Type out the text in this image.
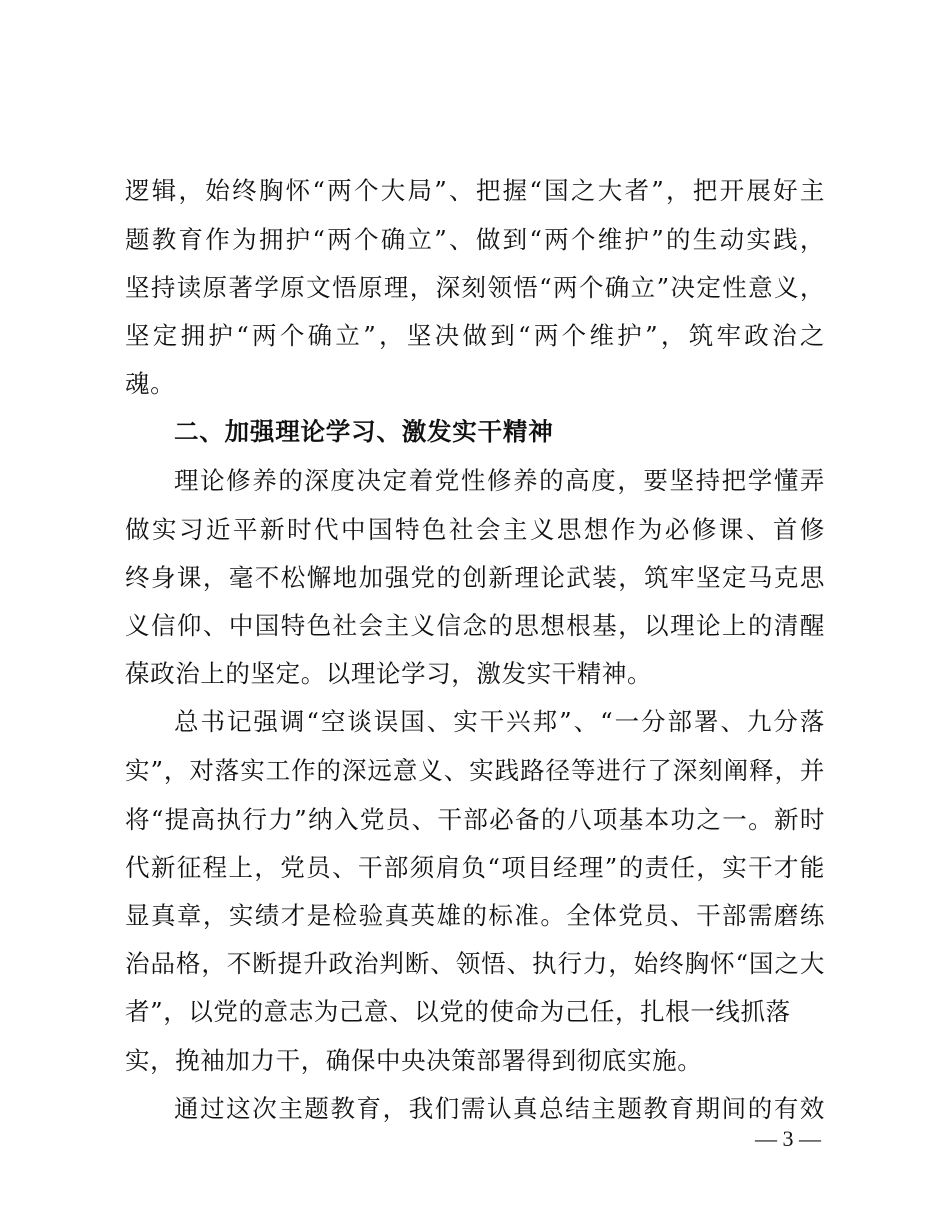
逻辑，始终胸怀“两个大局”、把握“国之大者”，把开展好主
题教育作为拥护“两个确立”、做到“两个维护”的生动实践，
坚持读原著学原文悟原理，深刻领悟“两个确立”决定性意义，
坚定拥护“两个确立”，坚决做到“两个维护”，筑牢政治之
魂。
二、加强理论学习、激发实干精神
理论修养的深度决定着党性修养的高度，要坚持把学懂弄
做实习近平新时代中国特色社会主义思想作为必修课、首修
终身课，毫不松懈地加强党的创新理论武装，筑牢坚定马克思
义信仰、中国特色社会主义信念的思想根基，以理论上的清醒
葆政治上的坚定。以理论学习，激发实干精神。
总书记强调“空谈误国、实干兴邦”、“一分部署、九分落
实”，对落实工作的深远意义、实践路径等进行了深刻阐释，并
将“提高执行力”纳入党员、干部必备的八项基本功之一。新时
代新征程上，党员、干部须肩负“项目经理”的责任，实干才能
显真章，实绩才是检验真英雄的标准。全体党员、干部需磨练
治品格，不断提升政治判断、领悟、执行力，始终胸怀“国之大
者”，以党的意志为己意、以党的使命为己任，扎根一线抓落
实，挽袖加力干，确保中央决策部署得到彻底实施。
通过这次主题教育，我们需认真总结主题教育期间的有效
— 3 —
